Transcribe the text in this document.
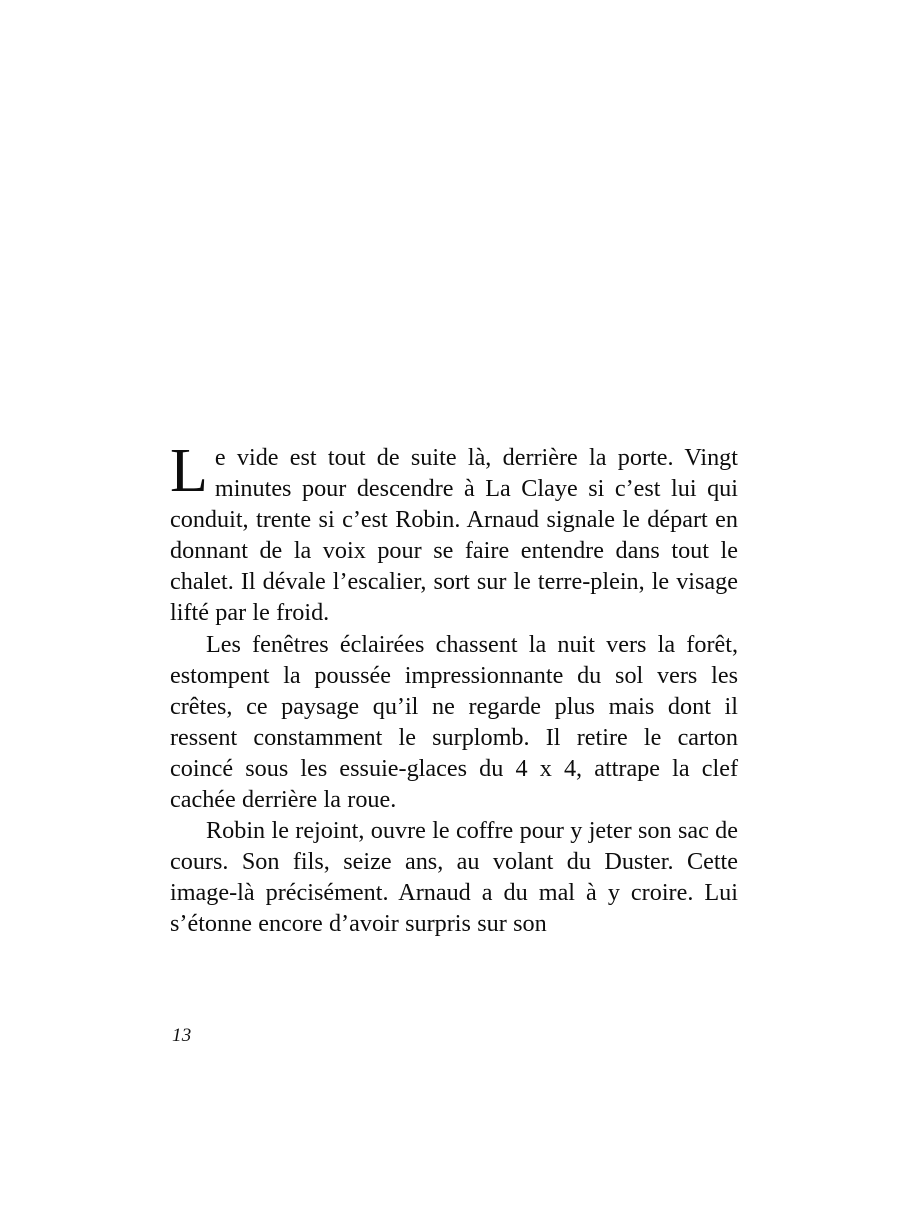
Le vide est tout de suite là, derrière la porte. Vingt minutes pour descendre à La Claye si c’est lui qui conduit, trente si c’est Robin. Arnaud signale le départ en donnant de la voix pour se faire entendre dans tout le chalet. Il dévale l’escalier, sort sur le terre-plein, le visage lifté par le froid.

Les fenêtres éclairées chassent la nuit vers la forêt, estompent la poussée impressionnante du sol vers les crêtes, ce paysage qu’il ne regarde plus mais dont il ressent constamment le surplomb. Il retire le carton coincé sous les essuie-glaces du 4 x 4, attrape la clef cachée derrière la roue.

Robin le rejoint, ouvre le coffre pour y jeter son sac de cours. Son fils, seize ans, au volant du Duster. Cette image-là précisément. Arnaud a du mal à y croire. Lui s’étonne encore d’avoir surpris sur son

13
